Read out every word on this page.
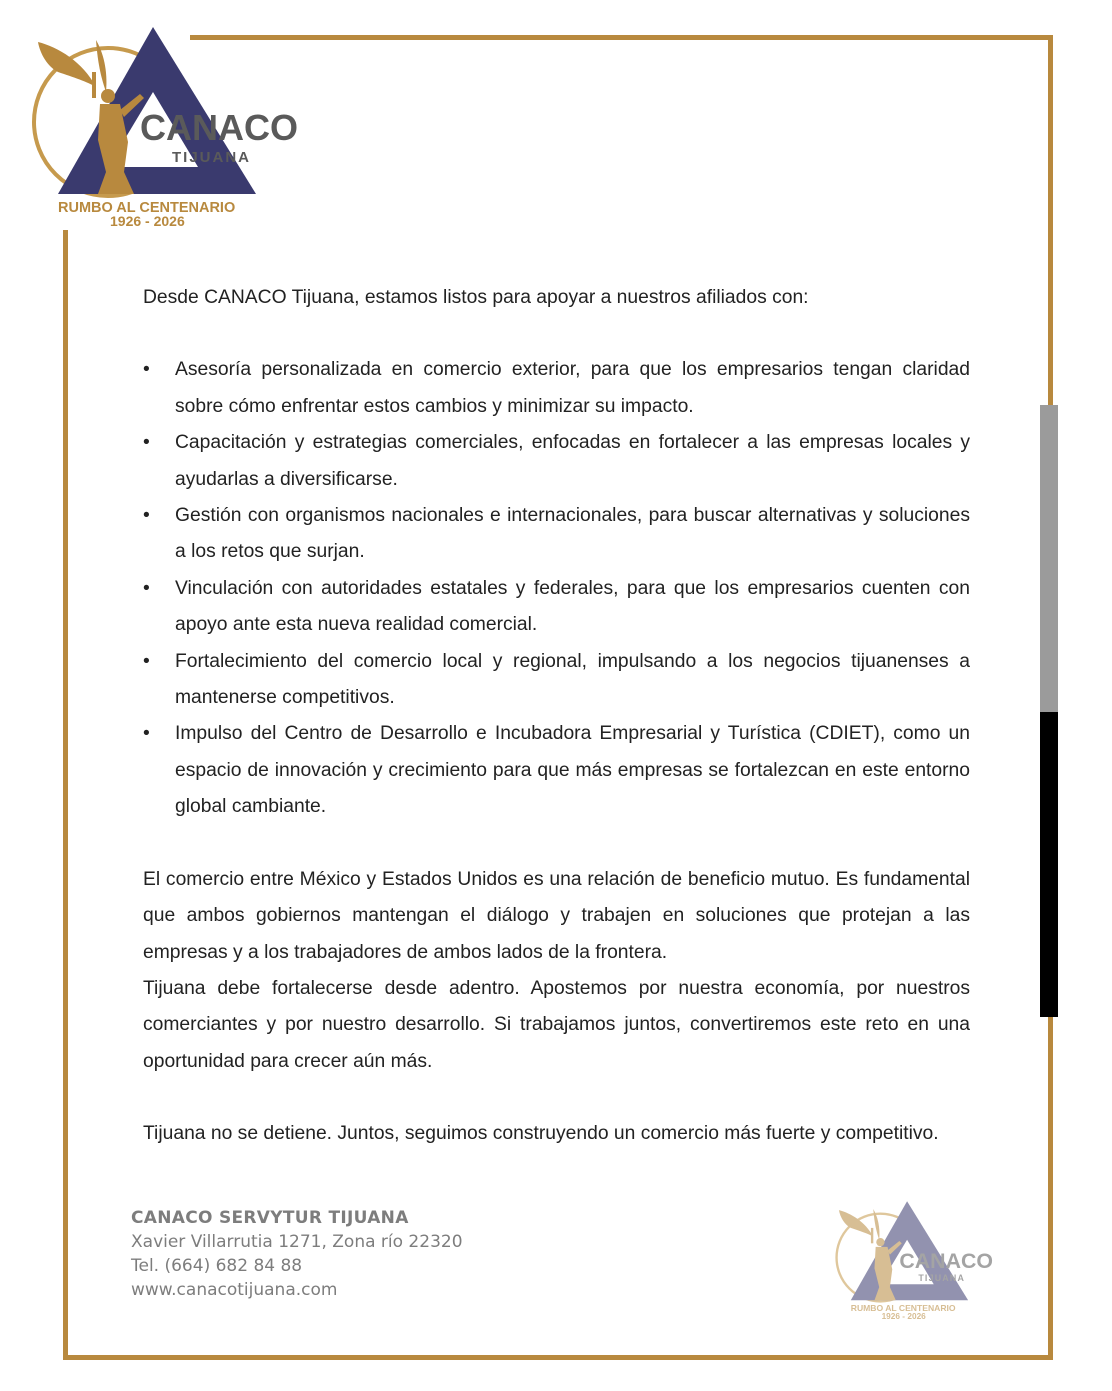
CANACO
TIJUANA
RUMBO AL CENTENARIO
1926 - 2026

Desde CANACO Tijuana, estamos listos para apoyar a nuestros afiliados con:

• Asesoría personalizada en comercio exterior, para que los empresarios tengan claridad sobre cómo enfrentar estos cambios y minimizar su impacto.
• Capacitación y estrategias comerciales, enfocadas en fortalecer a las empresas locales y ayudarlas a diversificarse.
• Gestión con organismos nacionales e internacionales, para buscar alternativas y soluciones a los retos que surjan.
• Vinculación con autoridades estatales y federales, para que los empresarios cuenten con apoyo ante esta nueva realidad comercial.
• Fortalecimiento del comercio local y regional, impulsando a los negocios tijuanenses a mantenerse competitivos.
• Impulso del Centro de Desarrollo e Incubadora Empresarial y Turística (CDIET), como un espacio de innovación y crecimiento para que más empresas se fortalezcan en este entorno global cambiante.

El comercio entre México y Estados Unidos es una relación de beneficio mutuo. Es fundamental que ambos gobiernos mantengan el diálogo y trabajen en soluciones que protejan a las empresas y a los trabajadores de ambos lados de la frontera.

Tijuana debe fortalecerse desde adentro. Apostemos por nuestra economía, por nuestros comerciantes y por nuestro desarrollo. Si trabajamos juntos, convertiremos este reto en una oportunidad para crecer aún más.

Tijuana no se detiene. Juntos, seguimos construyendo un comercio más fuerte y competitivo.

CANACO SERVYTUR TIJUANA
Xavier Villarrutia 1271, Zona río 22320
Tel. (664) 682 84 88
www.canacotijuana.com
CANACO
TIJUANA
RUMBO AL CENTENARIO
1926 - 2026
